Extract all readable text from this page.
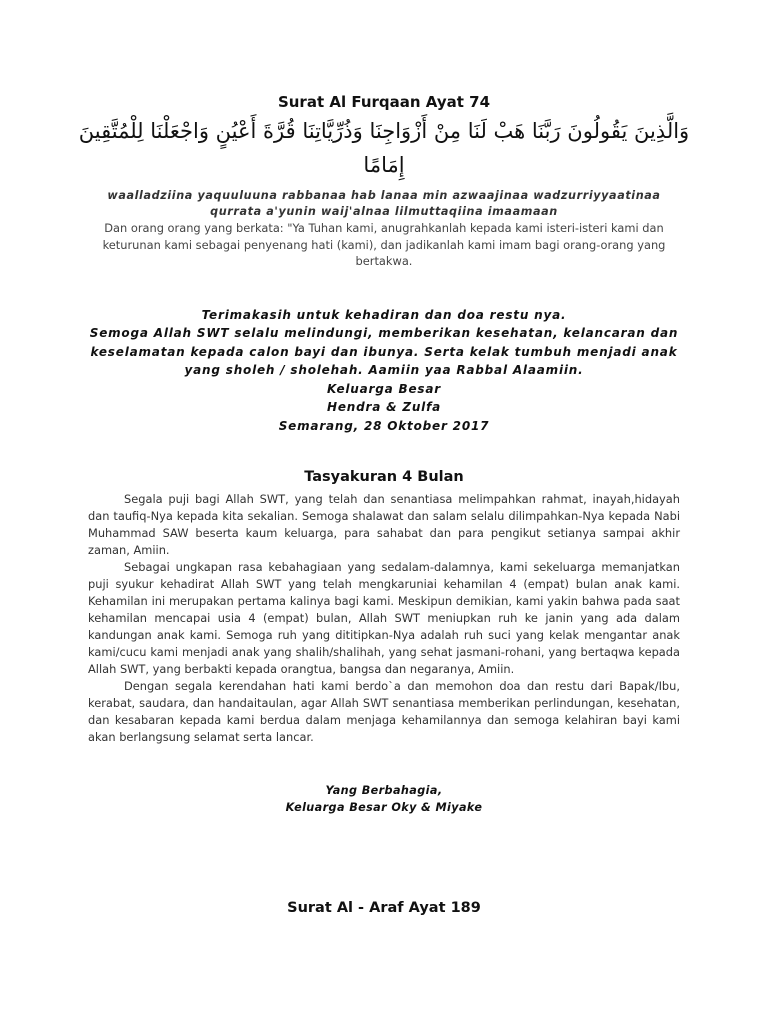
Surat Al Furqaan Ayat 74
وَالَّذِينَ يَقُولُونَ رَبَّنَا هَبْ لَنَا مِنْ أَزْوَاجِنَا وَذُرِّيَّاتِنَا قُرَّةَ أَعْيُنٍ وَاجْعَلْنَا لِلْمُتَّقِينَ إِمَامًا

waalladziina yaquuluuna rabbanaa hab lanaa min azwaajinaa wadzurriyyaatinaa qurrata a'yunin waij'alnaa lilmuttaqiina imaamaan

Dan orang orang yang berkata: "Ya Tuhan kami, anugrahkanlah kepada kami isteri-isteri kami dan keturunan kami sebagai penyenang hati (kami), dan jadikanlah kami imam bagi orang-orang yang bertakwa.

Terimakasih untuk kehadiran dan doa restu nya.

Semoga Allah SWT selalu melindungi, memberikan kesehatan, kelancaran dan keselamatan kepada calon bayi dan ibunya. Serta kelak tumbuh menjadi anak yang sholeh / sholehah. Aamiin yaa Rabbal Alaamiin.

Keluarga Besar

Hendra & Zulfa

Semarang, 28 Oktober 2017

Tasyakuran 4 Bulan

Segala puji bagi Allah SWT, yang telah dan senantiasa melimpahkan rahmat, inayah,hidayah dan taufiq-Nya kepada kita sekalian. Semoga shalawat dan salam selalu dilimpahkan-Nya kepada Nabi Muhammad SAW beserta kaum keluarga, para sahabat dan para pengikut setianya sampai akhir zaman, Amiin.

Sebagai ungkapan rasa kebahagiaan yang sedalam-dalamnya, kami sekeluarga memanjatkan puji syukur kehadirat Allah SWT yang telah mengkaruniai kehamilan 4 (empat) bulan anak kami. Kehamilan ini merupakan pertama kalinya bagi kami. Meskipun demikian, kami yakin bahwa pada saat kehamilan mencapai usia 4 (empat) bulan, Allah SWT meniupkan ruh ke janin yang ada dalam kandungan anak kami. Semoga ruh yang dititipkan-Nya adalah ruh suci yang kelak mengantar anak kami/cucu kami menjadi anak yang shalih/shalihah, yang sehat jasmani-rohani, yang bertaqwa kepada Allah SWT, yang berbakti kepada orangtua, bangsa dan negaranya, Amiin.

Dengan segala kerendahan hati kami berdo`a dan memohon doa dan restu dari Bapak/Ibu, kerabat, saudara, dan handaitaulan, agar Allah SWT senantiasa memberikan perlindungan, kesehatan, dan kesabaran kepada kami berdua dalam menjaga kehamilannya dan semoga kelahiran bayi kami akan berlangsung selamat serta lancar.

Yang Berbahagia,

Keluarga Besar Oky & Miyake

Surat Al - Araf Ayat 189
